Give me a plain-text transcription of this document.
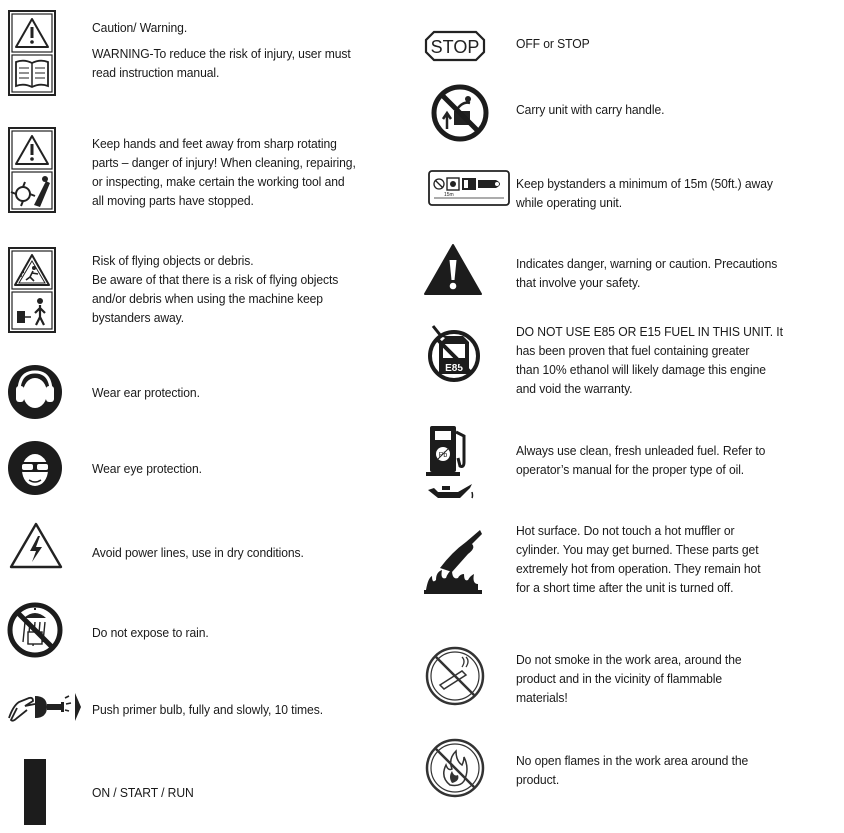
Caution/ Warning.
WARNING-To reduce the risk of injury, user must
read instruction manual.
Keep hands and feet away from sharp rotating
parts – danger of injury! When cleaning, repairing,
or inspecting, make certain the working tool and
all moving parts have stopped.
Risk of flying objects or debris.
Be aware of that there is a risk of flying objects
and/or debris when using the machine keep
bystanders away.
Wear ear protection.
Wear eye protection.
Avoid power lines, use in dry conditions.
Do not expose to rain.
Push primer bulb, fully and slowly, 10 times.
ON / START / RUN
STOP	OFF or STOP
Carry unit with carry handle.
15m
Keep bystanders a minimum of 15m (50ft.) away
while operating unit.
Indicates danger, warning or caution. Precautions
that involve your safety.
E85
DO NOT USE E85 OR E15 FUEL IN THIS UNIT. It
has been proven that fuel containing greater
than 10% ethanol will likely damage this engine
and void the warranty.
Pb	Always use clean, fresh unleaded fuel. Refer to
operator’s manual for the proper type of oil.
Hot surface. Do not touch a hot muffler or
cylinder. You may get burned. These parts get
extremely hot from operation. They remain hot
for a short time after the unit is turned off.
Do not smoke in the work area, around the
product and in the vicinity of flammable
materials!
No open flames in the work area around the
product.
